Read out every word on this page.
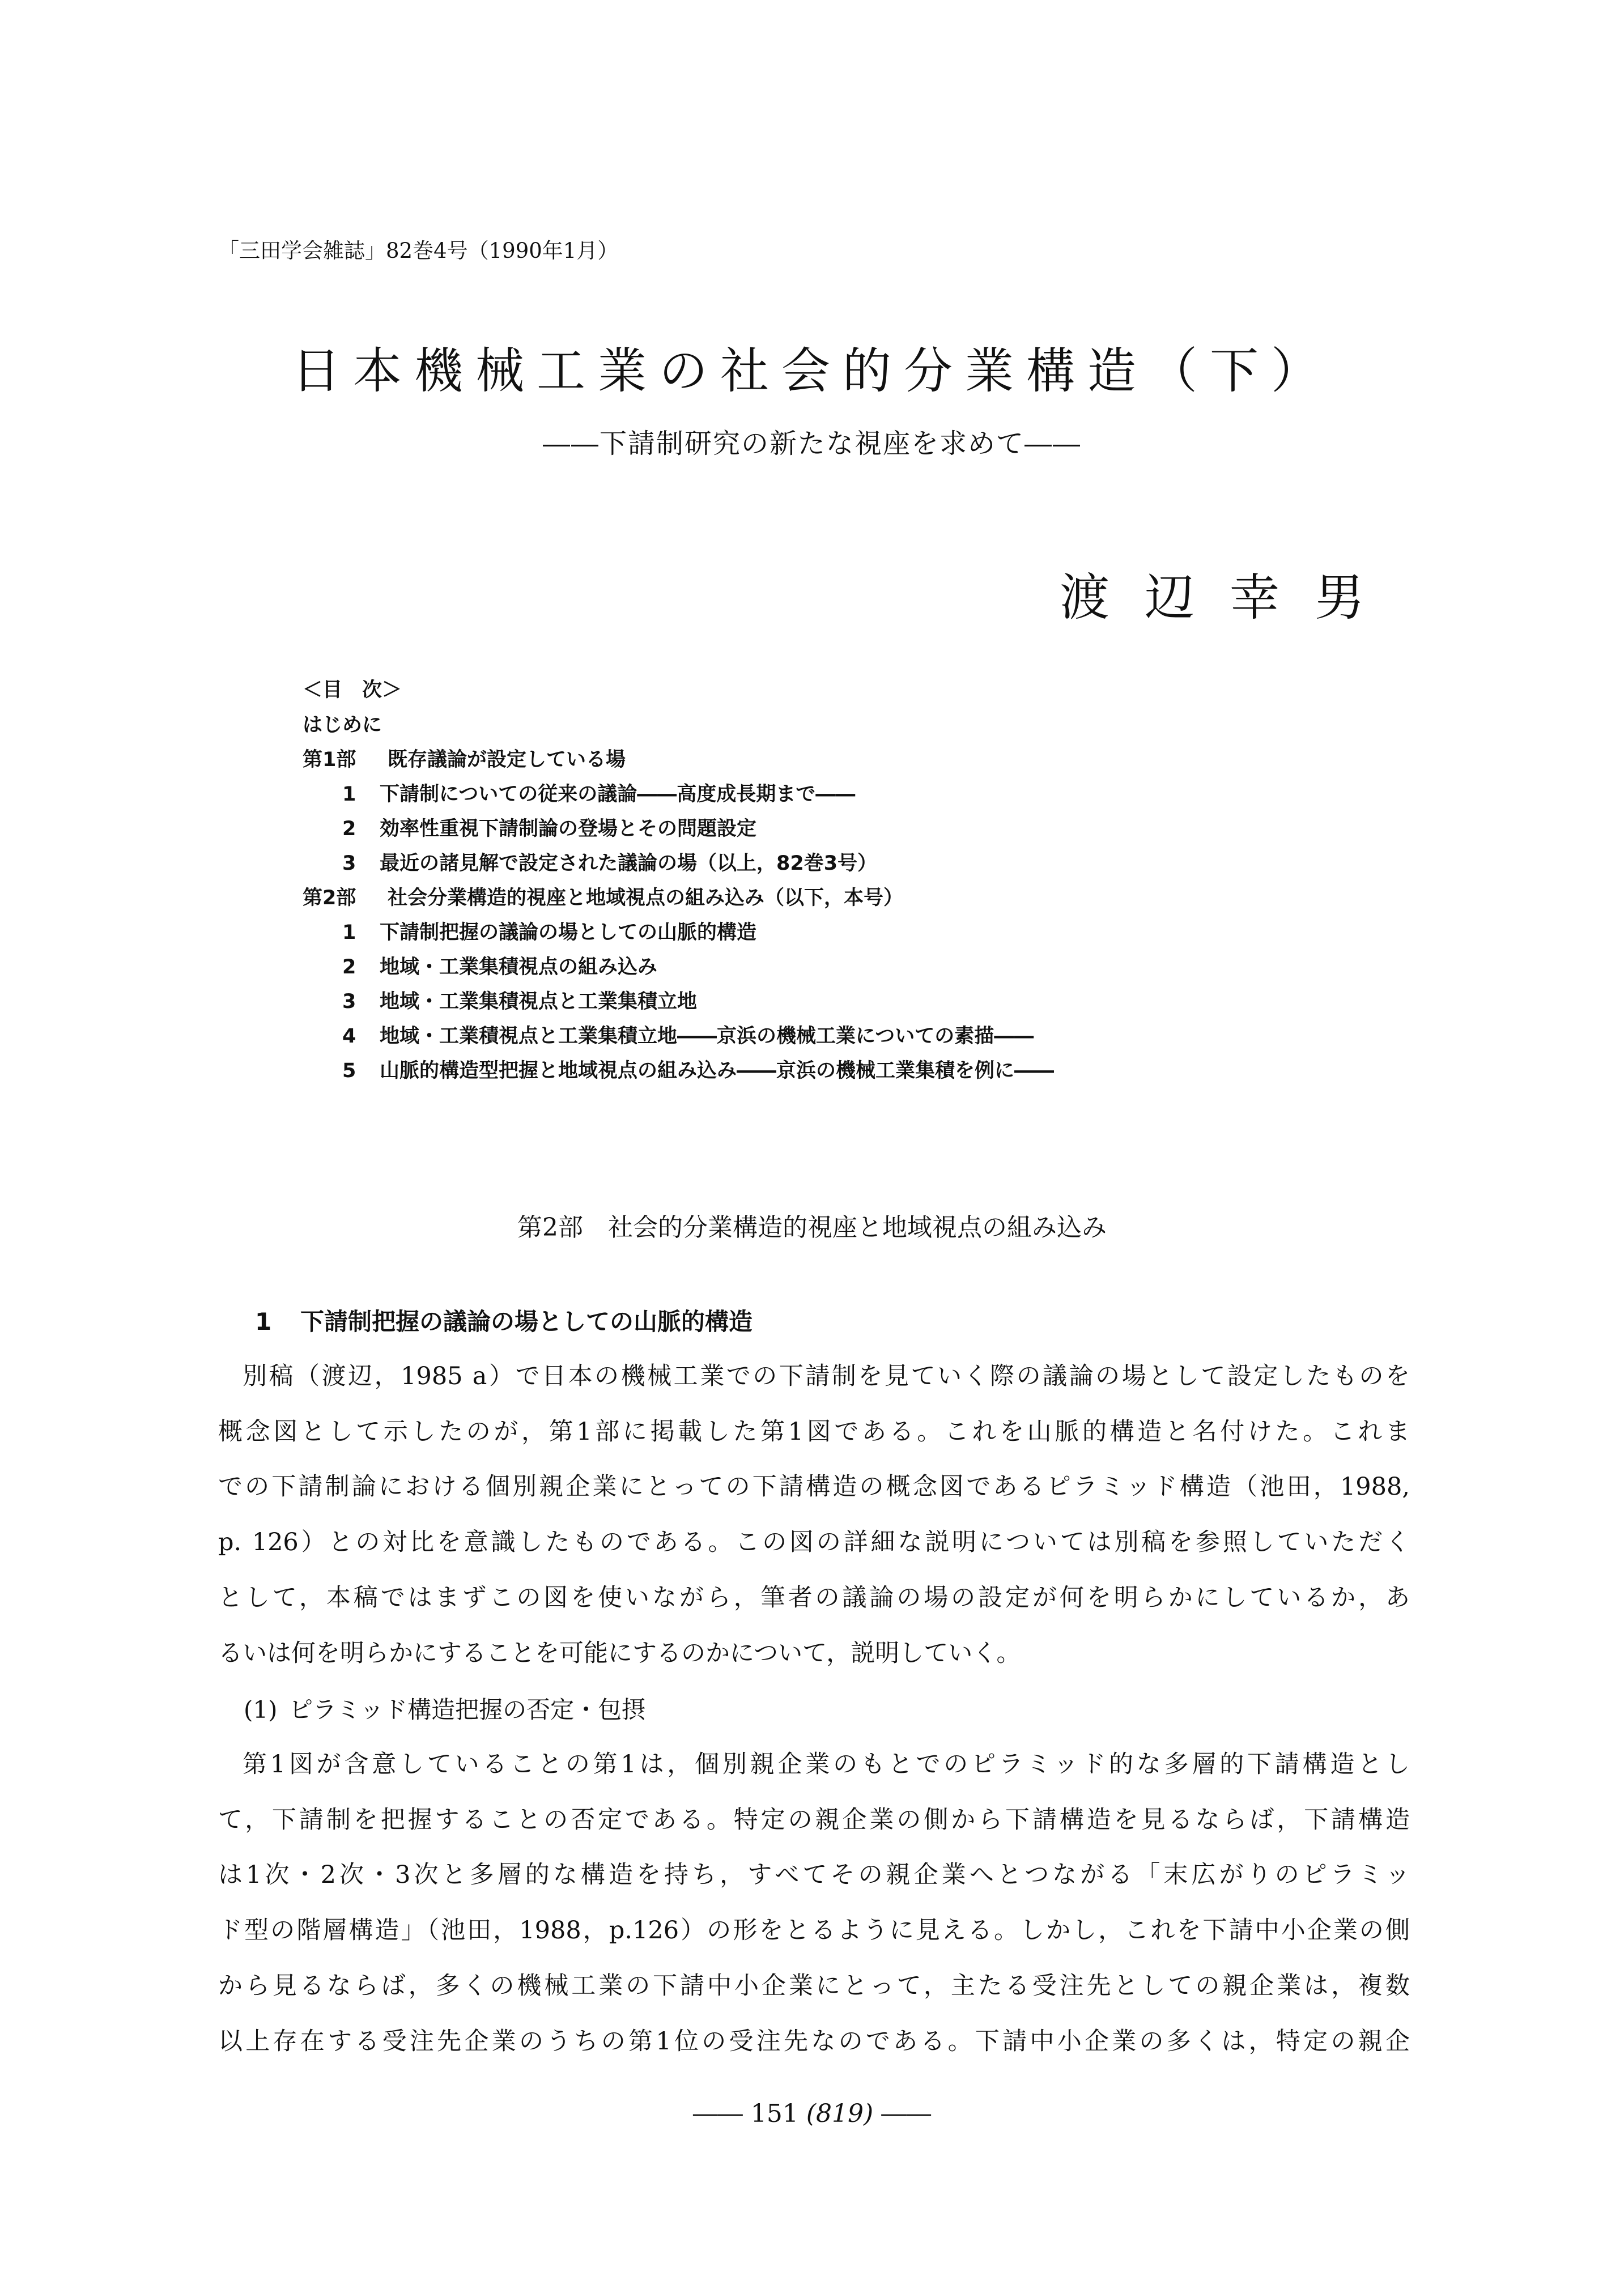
「三田学会雑誌」82巻4号（1990年1月）
日本機械工業の社会的分業構造（下）
――下請制研究の新たな視座を求めて――
渡辺幸男
＜目　次＞
はじめに
第1部 既存議論が設定している場
1 下請制についての従来の議論――高度成長期まで――
2 効率性重視下請制論の登場とその問題設定
3 最近の諸見解で設定された議論の場（以上，82巻3号）
第2部 社会分業構造的視座と地域視点の組み込み（以下，本号）
1 下請制把握の議論の場としての山脈的構造
2 地域・工業集積視点の組み込み
3 地域・工業集積視点と工業集積立地
4 地域・工業積視点と工業集積立地――京浜の機械工業についての素描――
5 山脈的構造型把握と地域視点の組み込み――京浜の機械工業集積を例に――
第2部　社会的分業構造的視座と地域視点の組み込み
1 下請制把握の議論の場としての山脈的構造
別稿（渡辺，1985 a）で日本の機械工業での下請制を見ていく際の議論の場として設定したものを
概念図として示したのが，第1部に掲載した第1図である。これを山脈的構造と名付けた。これま
での下請制論における個別親企業にとっての下請構造の概念図であるピラミッド構造（池田，1988,
p. 126）との対比を意識したものである。この図の詳細な説明については別稿を参照していただく
として，本稿ではまずこの図を使いながら，筆者の議論の場の設定が何を明らかにしているか，あ
るいは何を明らかにすることを可能にするのかについて，説明していく。
(1) ピラミッド構造把握の否定・包摂
第1図が含意していることの第1は，個別親企業のもとでのピラミッド的な多層的下請構造とし
て，下請制を把握することの否定である。特定の親企業の側から下請構造を見るならば，下請構造
は1次・2次・3次と多層的な構造を持ち，すべてその親企業へとつながる「末広がりのピラミッ
ド型の階層構造」（池田，1988，p.126）の形をとるように見える。しかし，これを下請中小企業の側
から見るならば，多くの機械工業の下請中小企業にとって，主たる受注先としての親企業は，複数
以上存在する受注先企業のうちの第1位の受注先なのである。下請中小企業の多くは，特定の親企
―― 151 (819) ――
